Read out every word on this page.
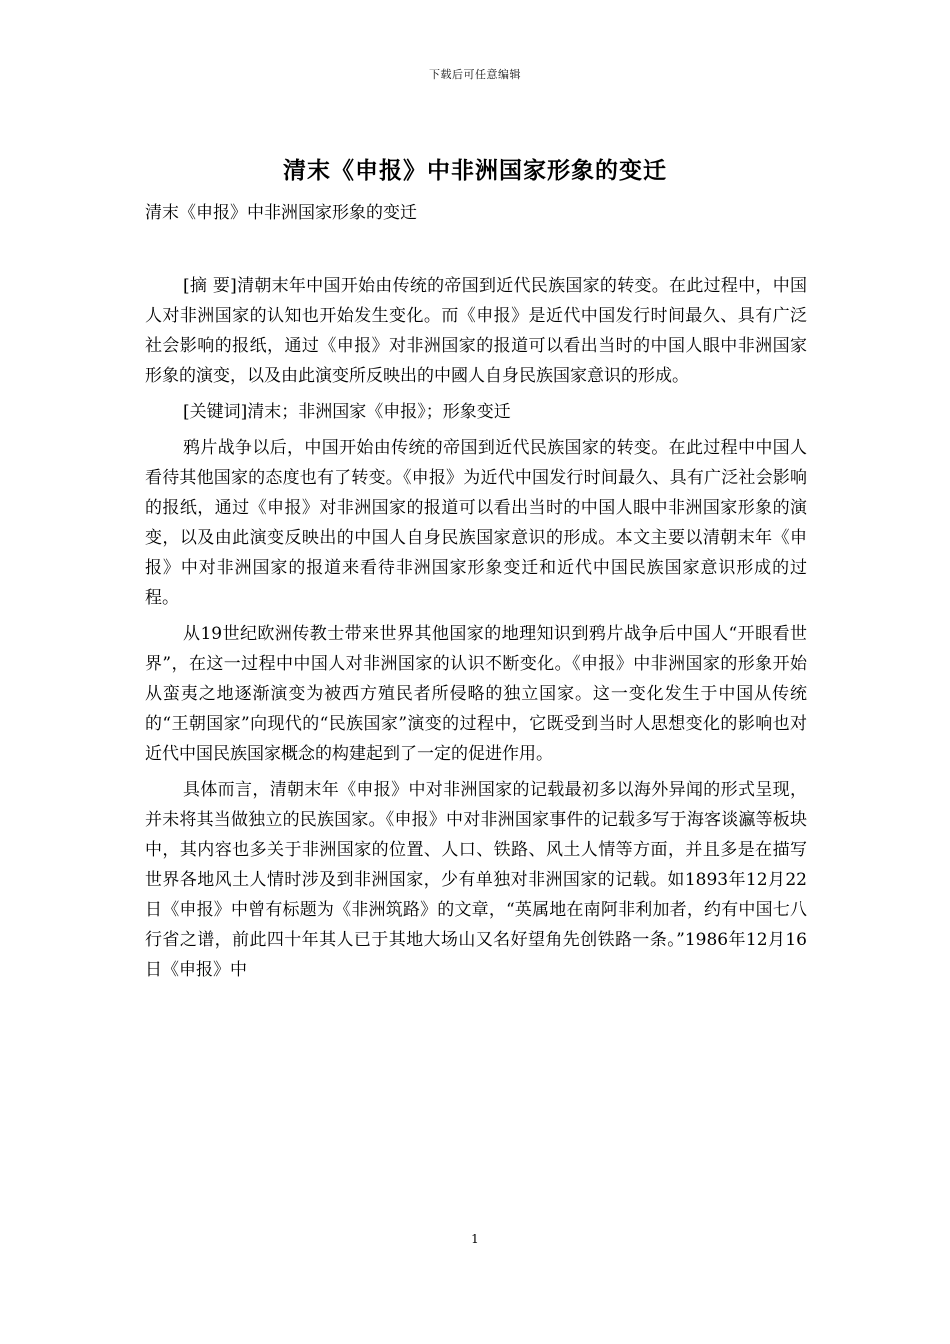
下载后可任意编辑
清末《申报》中非洲国家形象的变迁
清末《申报》中非洲国家形象的变迁

[摘 要]清朝末年中国开始由传统的帝国到近代民族国家的转变。在此过程中，中国人对非洲国家的认知也开始发生变化。而《申报》是近代中国发行时间最久、具有广泛社会影响的报纸，通过《申报》对非洲国家的报道可以看出当时的中国人眼中非洲国家形象的演变，以及由此演变所反映出的中國人自身民族国家意识的形成。

[关键词]清末；非洲国家《申报》；形象变迁

鸦片战争以后，中国开始由传统的帝国到近代民族国家的转变。在此过程中中国人看待其他国家的态度也有了转变。《申报》为近代中国发行时间最久、具有广泛社会影响的报纸，通过《申报》对非洲国家的报道可以看出当时的中国人眼中非洲国家形象的演变，以及由此演变反映出的中国人自身民族国家意识的形成。本文主要以清朝末年《申报》中对非洲国家的报道来看待非洲国家形象变迁和近代中国民族国家意识形成的过程。

从19世纪欧洲传教士带来世界其他国家的地理知识到鸦片战争后中国人“开眼看世界”，在这一过程中中国人对非洲国家的认识不断变化。《申报》中非洲国家的形象开始从蛮夷之地逐渐演变为被西方殖民者所侵略的独立国家。这一变化发生于中国从传统的“王朝国家”向现代的“民族国家”演变的过程中，它既受到当时人思想变化的影响也对近代中国民族国家概念的构建起到了一定的促进作用。

具体而言，清朝末年《申报》中对非洲国家的记载最初多以海外异闻的形式呈现，并未将其当做独立的民族国家。《申报》中对非洲国家事件的记载多写于海客谈瀛等板块中，其内容也多关于非洲国家的位置、人口、铁路、风土人情等方面，并且多是在描写世界各地风土人情时涉及到非洲国家，少有单独对非洲国家的记载。如1893年12月22日《申报》中曾有标题为《非洲筑路》的文章，“英属地在南阿非利加者，约有中国七八行省之谱，前此四十年其人已于其地大场山又名好望角先创铁路一条。”1986年12月16日《申报》中

1
